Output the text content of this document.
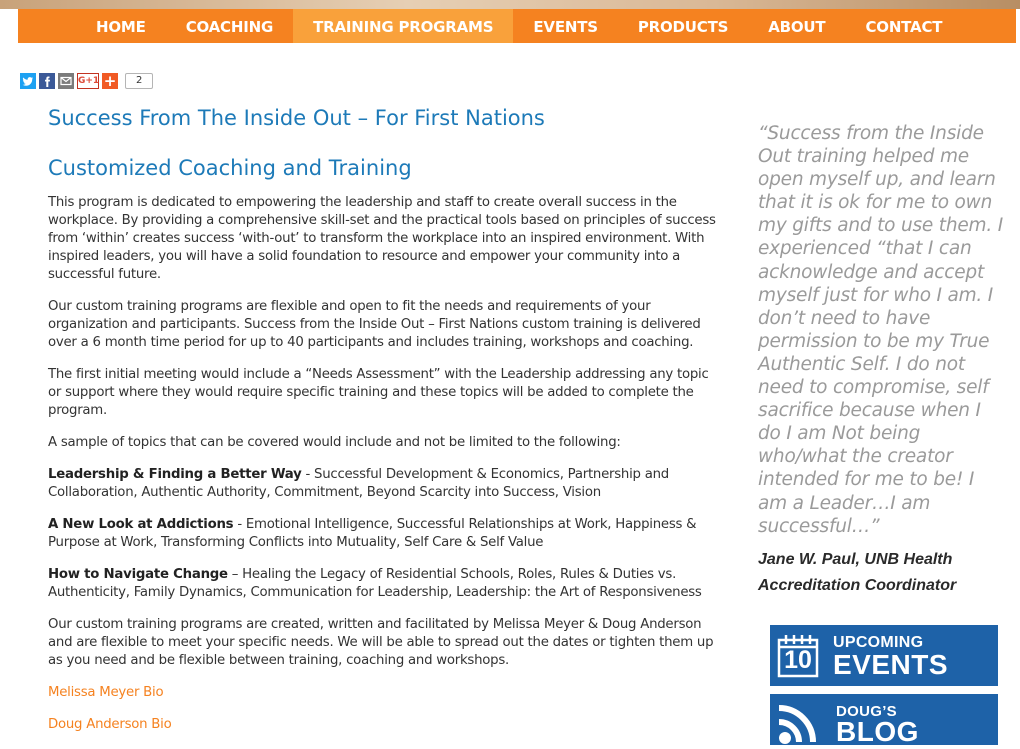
HOME	COACHING	TRAINING PROGRAMS	EVENTS	PRODUCTS	ABOUT	CONTACT
G+1 +	2
Success From The Inside Out – For First Nations
Customized Coaching and Training

This program is dedicated to empowering the leadership and staff to create overall success in the workplace. By providing a comprehensive skill-set and the practical tools based on principles of success from ‘within’ creates success ‘with-out’ to transform the workplace into an inspired environment. With inspired leaders, you will have a solid foundation to resource and empower your community into a successful future.

Our custom training programs are flexible and open to fit the needs and requirements of your organization and participants. Success from the Inside Out – First Nations custom training is delivered over a 6 month time period for up to 40 participants and includes training, workshops and coaching.

The first initial meeting would include a “Needs Assessment” with the Leadership addressing any topic or support where they would require specific training and these topics will be added to complete the program.

A sample of topics that can be covered would include and not be limited to the following:

Leadership & Finding a Better Way - Successful Development & Economics, Partnership and Collaboration, Authentic Authority, Commitment, Beyond Scarcity into Success, Vision

A New Look at Addictions - Emotional Intelligence, Successful Relationships at Work, Happiness & Purpose at Work, Transforming Conflicts into Mutuality, Self Care & Self Value

How to Navigate Change – Healing the Legacy of Residential Schools, Roles, Rules & Duties vs. Authenticity, Family Dynamics, Communication for Leadership, Leadership: the Art of Responsiveness

Our custom training programs are created, written and facilitated by Melissa Meyer & Doug Anderson and are flexible to meet your specific needs. We will be able to spread out the dates or tighten them up as you need and be flexible between training, coaching and workshops.

Melissa Meyer Bio
Doug Anderson Bio

“Success from the Inside Out training helped me open myself up, and learn that it is ok for me to own my gifts and to use them. I experienced “that I can acknowledge and accept myself just for who I am. I don’t need to have permission to be my True Authentic Self. I do not need to compromise, self sacrifice because when I do I am Not being who/what the creator intended for me to be! I am a Leader…I am successful…”

Jane W. Paul, UNB Health Accreditation Coordinator
10
UPCOMING
EVENTS
DOUG’S
BLOG
